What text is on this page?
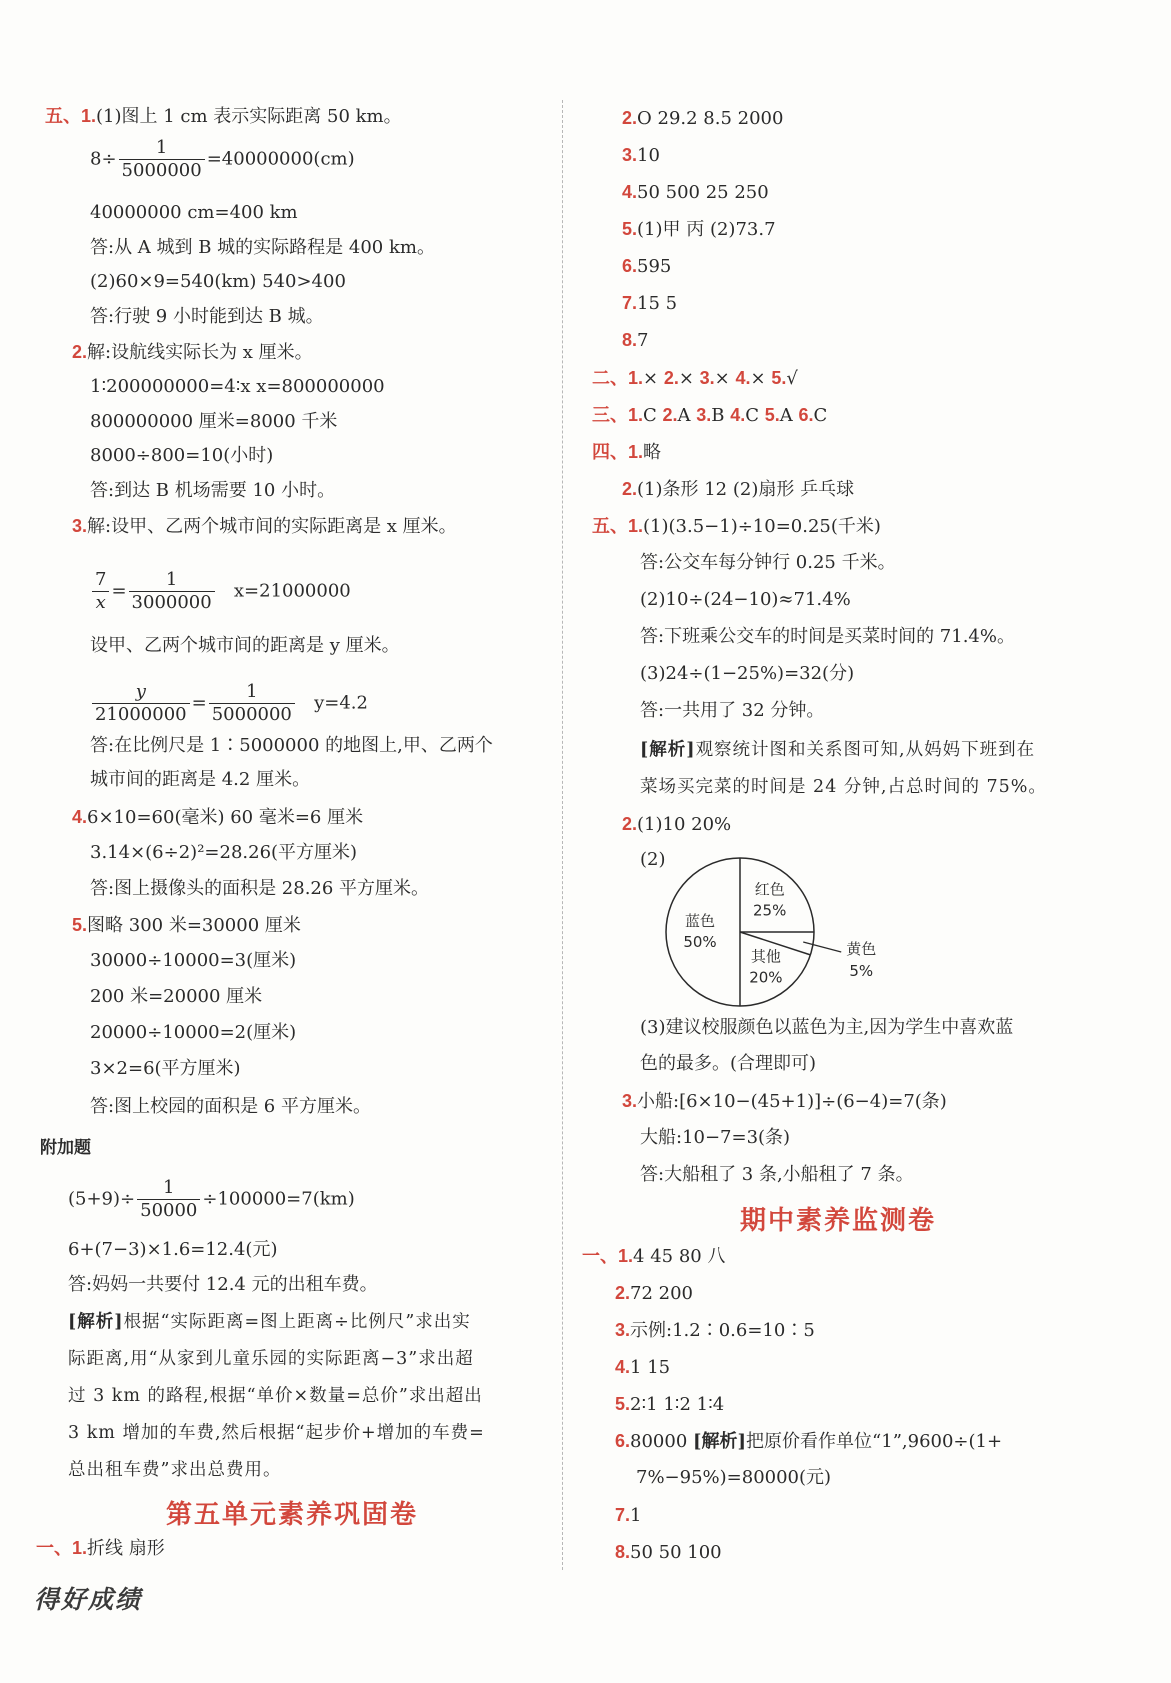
五、1.(1)图上 1 cm 表示实际距离 50 km。
$8\div \frac{1}{5000000} =40000000(cm)$
40000000 cm=400 km
答:从 A 城到 B 城的实际路程是 400 km。
(2)60×9=540(km) 540>400
答:行驶 9 小时能到达 B 城。
2.解:设航线实际长为 x 厘米。
1∶200000000=4∶x x=800000000
800000000 厘米=8000 千米
8000÷800=10(小时)
答:到达 B 机场需要 10 小时。
3.解:设甲、乙两个城市间的实际距离是 x 厘米。
$\frac{7}{x} = \frac{1}{3000000} x=21000000$
设甲、乙两个城市间的距离是 y 厘米。
$\frac{y}{21000000} = \frac{1}{5000000} y=4.2$
答:在比例尺是 1∶5000000 的地图上,甲、乙两个
城市间的距离是 4.2 厘米。
4.6×10=60(毫米) 60 毫米=6 厘米
3.14×(6÷2)²=28.26(平方厘米)
答:图上摄像头的面积是 28.26 平方厘米。
5.图略 300 米=30000 厘米
30000÷10000=3(厘米)
200 米=20000 厘米
20000÷10000=2(厘米)
3×2=6(平方厘米)
答:图上校园的面积是 6 平方厘米。
附加题
$(5+9)\div \frac{1}{50000} \div 100000=7(km)$
6+(7−3)×1.6=12.4(元)
答:妈妈一共要付 12.4 元的出租车费。
[解析]根据“实际距离=图上距离÷比例尺”求出实
际距离,用“从家到儿童乐园的实际距离−3”求出超
过 3 km 的路程,根据“单价×数量=总价”求出超出
3 km 增加的车费,然后根据“起步价+增加的车费=
总出租车费”求出总费用。
第五单元素养巩固卷
一、1.折线 扇形
2.O 29.2 8.5 2000
3.10
4.50 500 25 250
5.(1)甲 丙 (2)73.7
6.595
7.15 5
8.7
二、1.× 2.× 3.× 4.× 5.√
三、1.C 2.A 3.B 4.C 5.A 6.C
四、1.略
2.(1)条形 12 (2)扇形 乒乓球
五、1.(1)(3.5−1)÷10=0.25(千米)
答:公交车每分钟行 0.25 千米。
(2)10÷(24−10)≈71.4%
答:下班乘公交车的时间是买菜时间的 71.4%。
(3)24÷(1−25%)=32(分)
答:一共用了 32 分钟。
[解析]观察统计图和关系图可知,从妈妈下班到在
菜场买完菜的时间是 24 分钟,占总时间的 75%。
2.(1)10 20%
(2)
蓝色
50%
红色
25%
其他
20%
黄色
5%
(3)建议校服颜色以蓝色为主,因为学生中喜欢蓝
色的最多。(合理即可)
3.小船:[6×10−(45+1)]÷(6−4)=7(条)
大船:10−7=3(条)
答:大船租了 3 条,小船租了 7 条。
期中素养监测卷
一、1.4 45 80 八
2.72 200
3.示例:1.2∶0.6=10∶5
4.1 15
5.2∶1 1∶2 1∶4
6.80000 [解析]把原价看作单位“1”,9600÷(1+
7%−95%)=80000(元)
7.1
8.50 50 100
得好成绩
